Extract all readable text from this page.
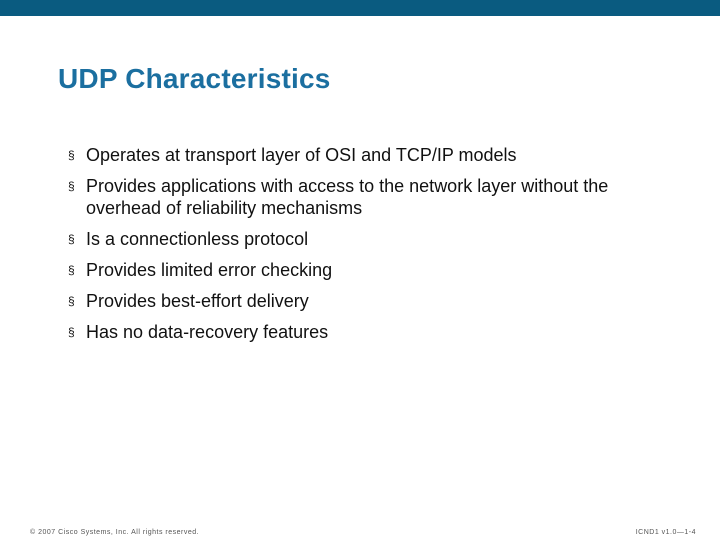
UDP Characteristics
§ Operates at transport layer of OSI and TCP/IP models
§ Provides applications with access to the network layer without the overhead of reliability mechanisms
§ Is a connectionless protocol
§ Provides limited error checking
§ Provides best-effort delivery
§ Has no data-recovery features
© 2007 Cisco Systems, Inc. All rights reserved.	ICND1 v1.0—1-4
